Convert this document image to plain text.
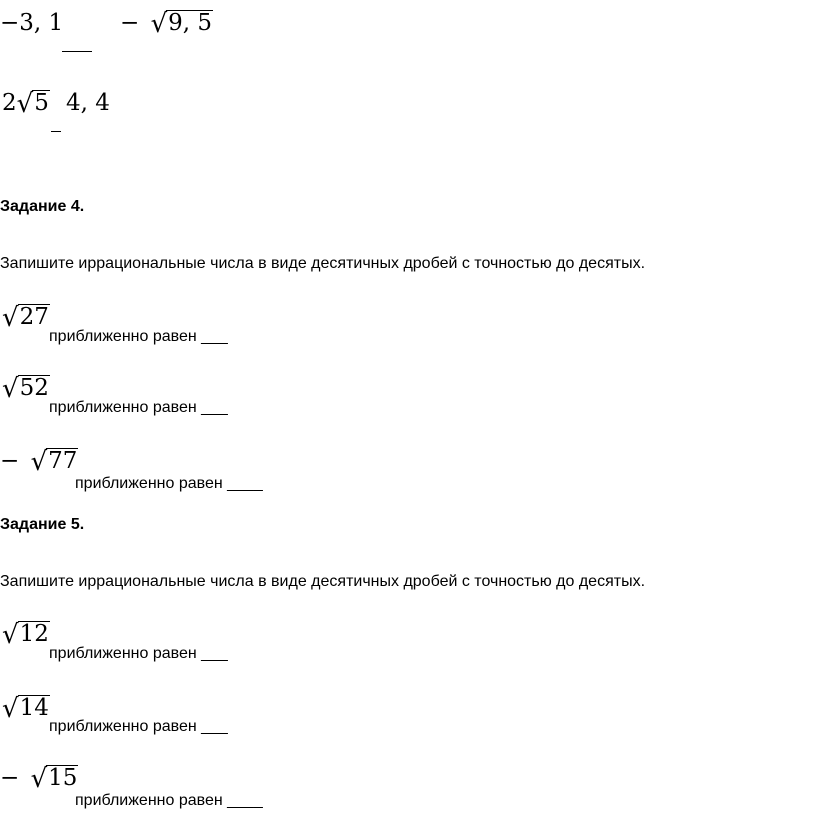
−3, 1 − √9, 5
2√5 4, 4
Задание 4.
Запишите иррациональные числа в виде десятичных дробей с точностью до десятых.
√27
приближенно равен ___
√52
приближенно равен ___
− √77
приближенно равен ____
Задание 5.
Запишите иррациональные числа в виде десятичных дробей с точностью до десятых.
√12
приближенно равен ___
√14
приближенно равен ___
− √15
приближенно равен ____
